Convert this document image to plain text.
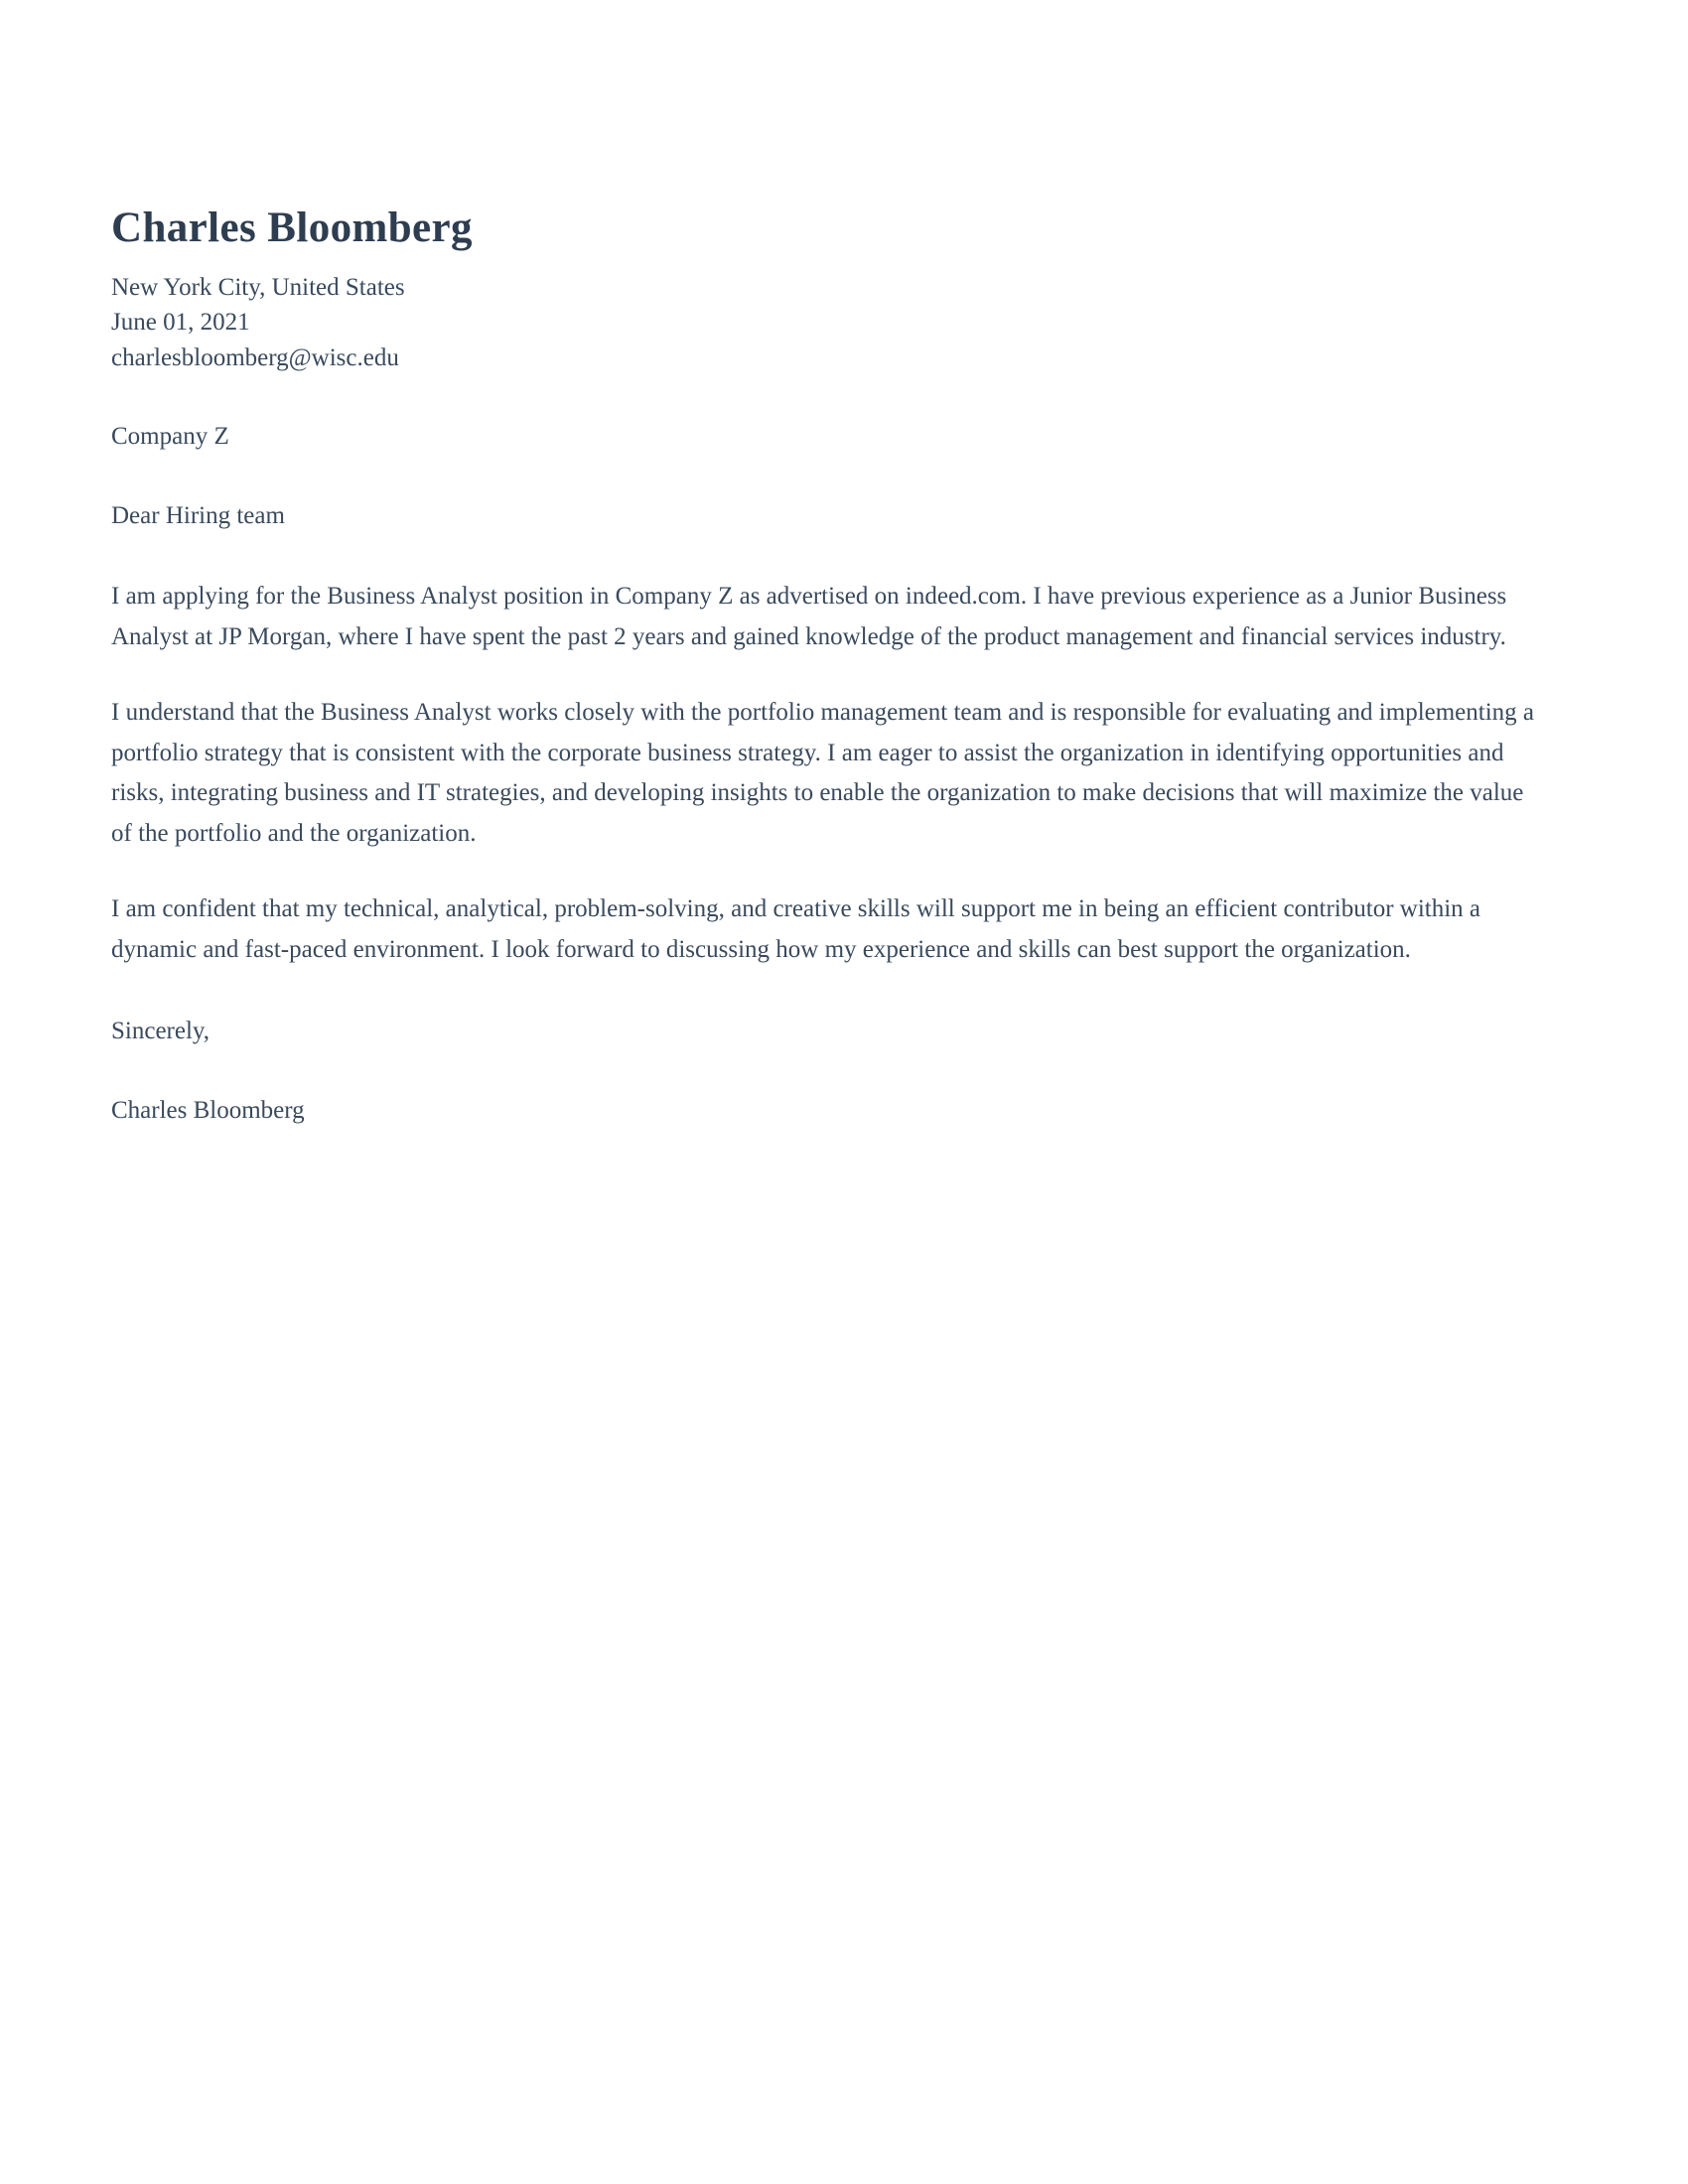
Charles Bloomberg
New York City, United States
June 01, 2021
charlesbloomberg@wisc.edu

Company Z

Dear Hiring team

I am applying for the Business Analyst position in Company Z as advertised on indeed.com. I have previous experience as a Junior Business Analyst at JP Morgan, where I have spent the past 2 years and gained knowledge of the product management and financial services industry.

I understand that the Business Analyst works closely with the portfolio management team and is responsible for evaluating and implementing a portfolio strategy that is consistent with the corporate business strategy. I am eager to assist the organization in identifying opportunities and risks, integrating business and IT strategies, and developing insights to enable the organization to make decisions that will maximize the value of the portfolio and the organization.

I am confident that my technical, analytical, problem-solving, and creative skills will support me in being an efficient contributor within a dynamic and fast-paced environment. I look forward to discussing how my experience and skills can best support the organization.

Sincerely,

Charles Bloomberg
